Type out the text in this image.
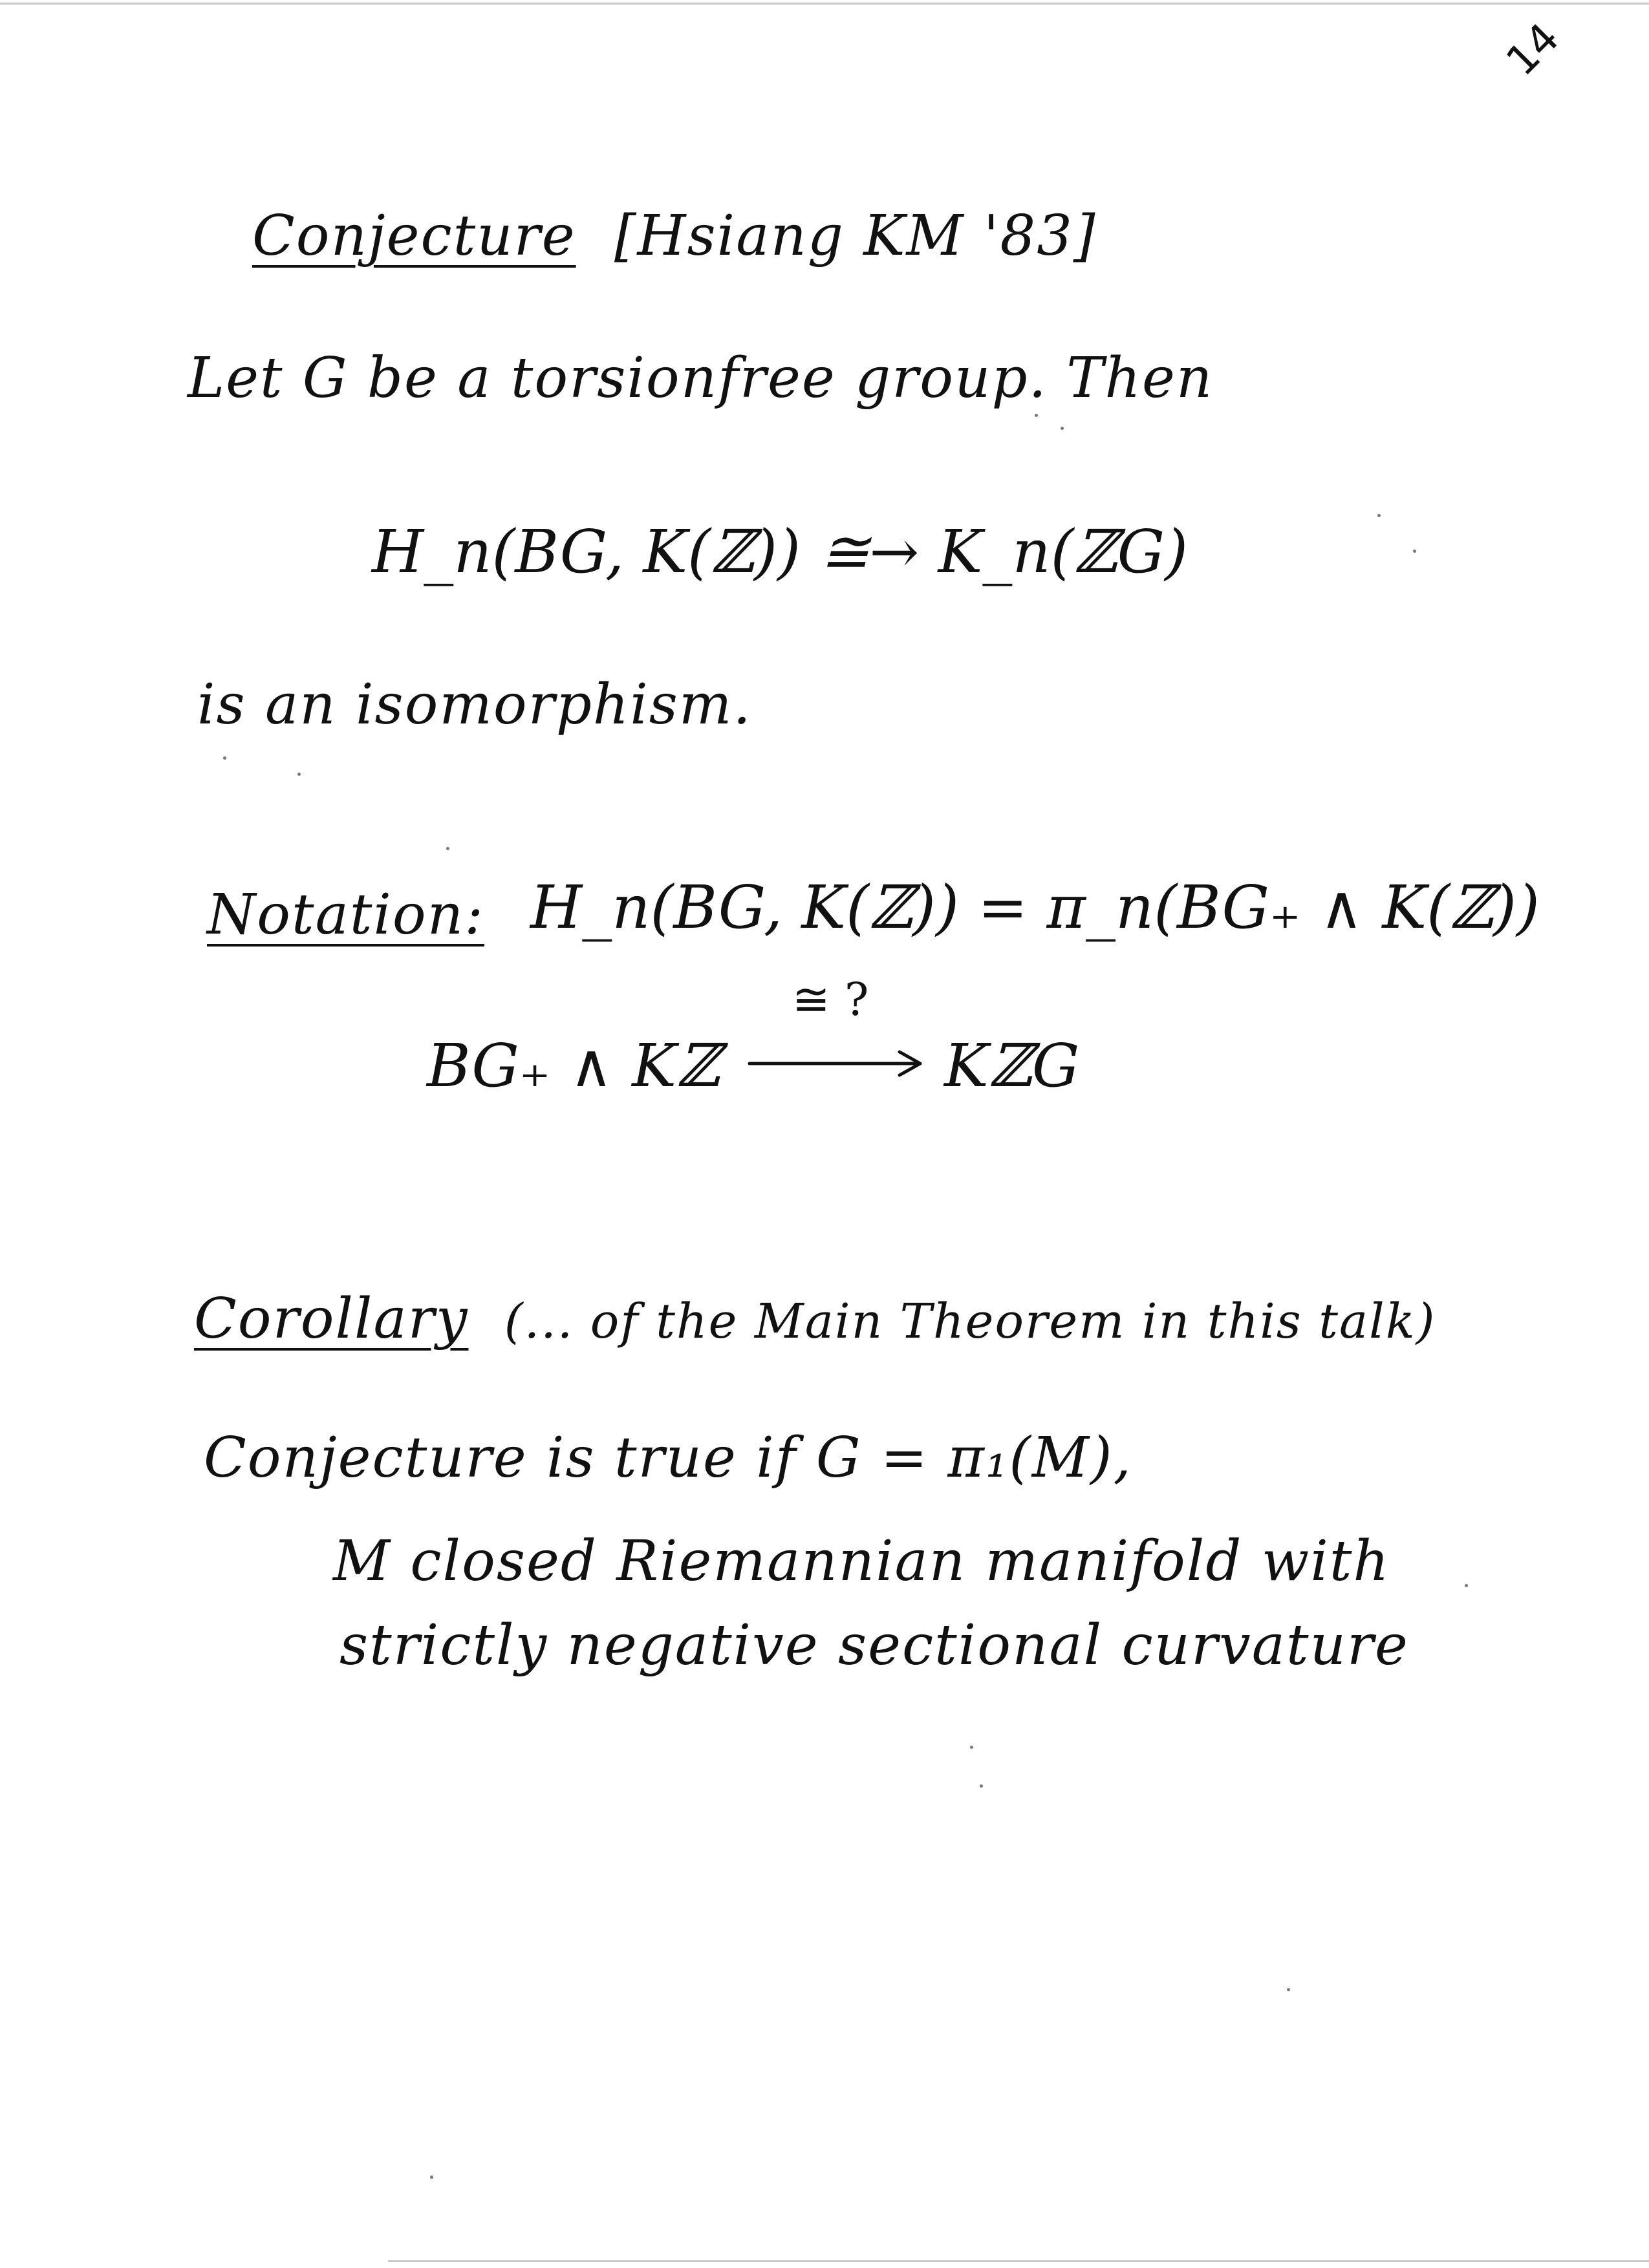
14
Conjecture [Hsiang KM '83]
Let G be a torsionfree group. Then
H_n(BG, K(ℤ)) ≅→ K_n(ℤG)
is an isomorphism.
Notation: H_n(BG, K(ℤ)) = π_n(BG₊ ∧ K(ℤ))
BG₊ ∧ Kℤ
≅ ?
KℤG
Corollary (... of the Main Theorem in this talk)
Conjecture is true if G = π₁(M),
M closed Riemannian manifold with
strictly negative sectional curvature
